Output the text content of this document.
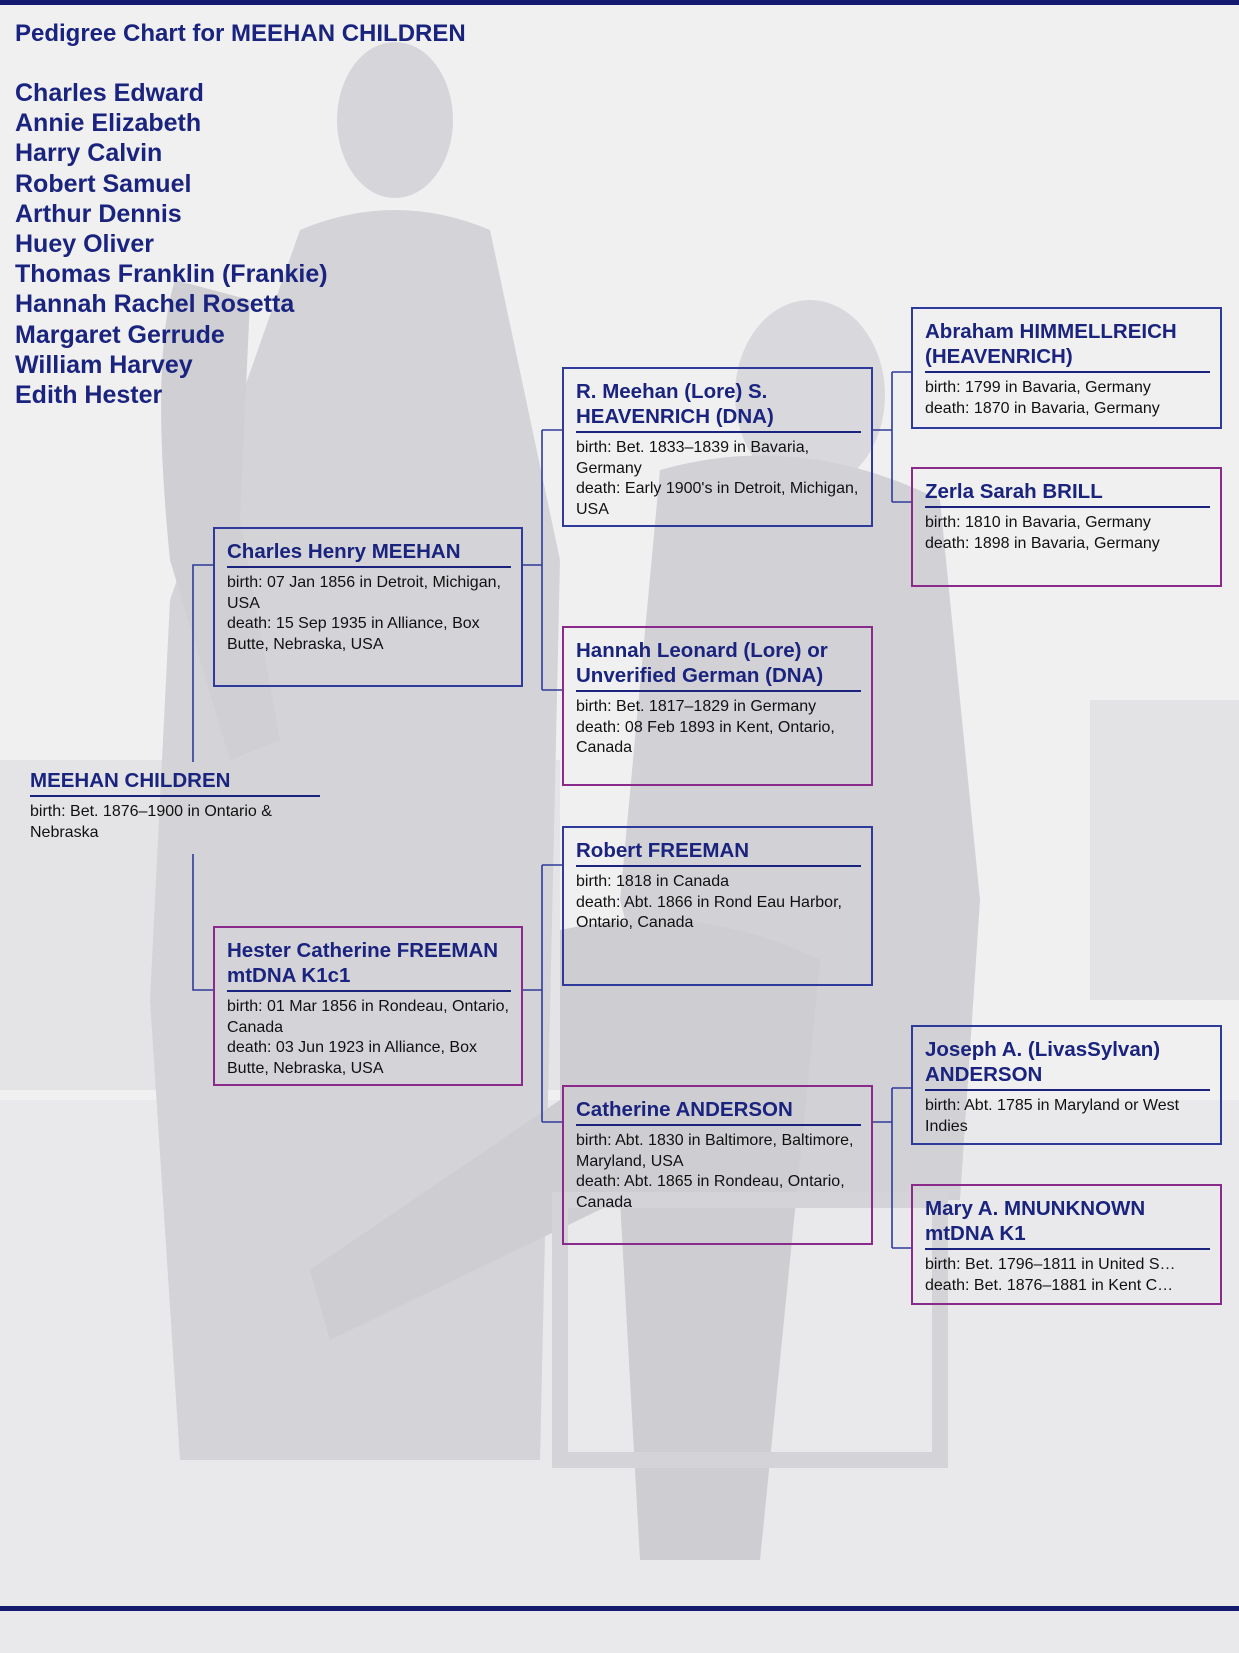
Pedigree Chart for MEEHAN CHILDREN
Charles Edward
Annie Elizabeth
Harry Calvin
Robert Samuel
Arthur Dennis
Huey Oliver
Thomas Franklin (Frankie)
Hannah Rachel Rosetta
Margaret Gerrude
William Harvey
Edith Hester
MEEHAN CHILDREN
birth: Bet. 1876–1900 in Ontario & Nebraska
Charles Henry MEEHAN
birth: 07 Jan 1856 in Detroit, Michigan, USA
death: 15 Sep 1935 in Alliance, Box Butte, Nebraska, USA
Hester Catherine FREEMAN mtDNA K1c1
birth: 01 Mar 1856 in Rondeau, Ontario, Canada
death: 03 Jun 1923 in Alliance, Box Butte, Nebraska, USA
R. Meehan (Lore) S. HEAVENRICH (DNA)
birth: Bet. 1833–1839 in Bavaria, Germany
death: Early 1900's in Detroit, Michigan, USA
Hannah Leonard (Lore) or Unverified German (DNA)
birth: Bet. 1817–1829 in Germany
death: 08 Feb 1893 in Kent, Ontario, Canada
Robert FREEMAN
birth: 1818 in Canada
death: Abt. 1866 in Rond Eau Harbor, Ontario, Canada
Catherine ANDERSON
birth: Abt. 1830 in Baltimore, Baltimore, Maryland, USA
death: Abt. 1865 in Rondeau, Ontario, Canada
Abraham HIMMELLREICH (HEAVENRICH)
birth: 1799 in Bavaria, Germany
death: 1870 in Bavaria, Germany
Zerla Sarah BRILL
birth: 1810 in Bavaria, Germany
death: 1898 in Bavaria, Germany
Joseph A. (LivasSylvan) ANDERSON
birth: Abt. 1785 in Maryland or West Indies
Mary A. MNUNKNOWN mtDNA K1
birth: Bet. 1796–1811 in United S…
death: Bet. 1876–1881 in Kent C…
